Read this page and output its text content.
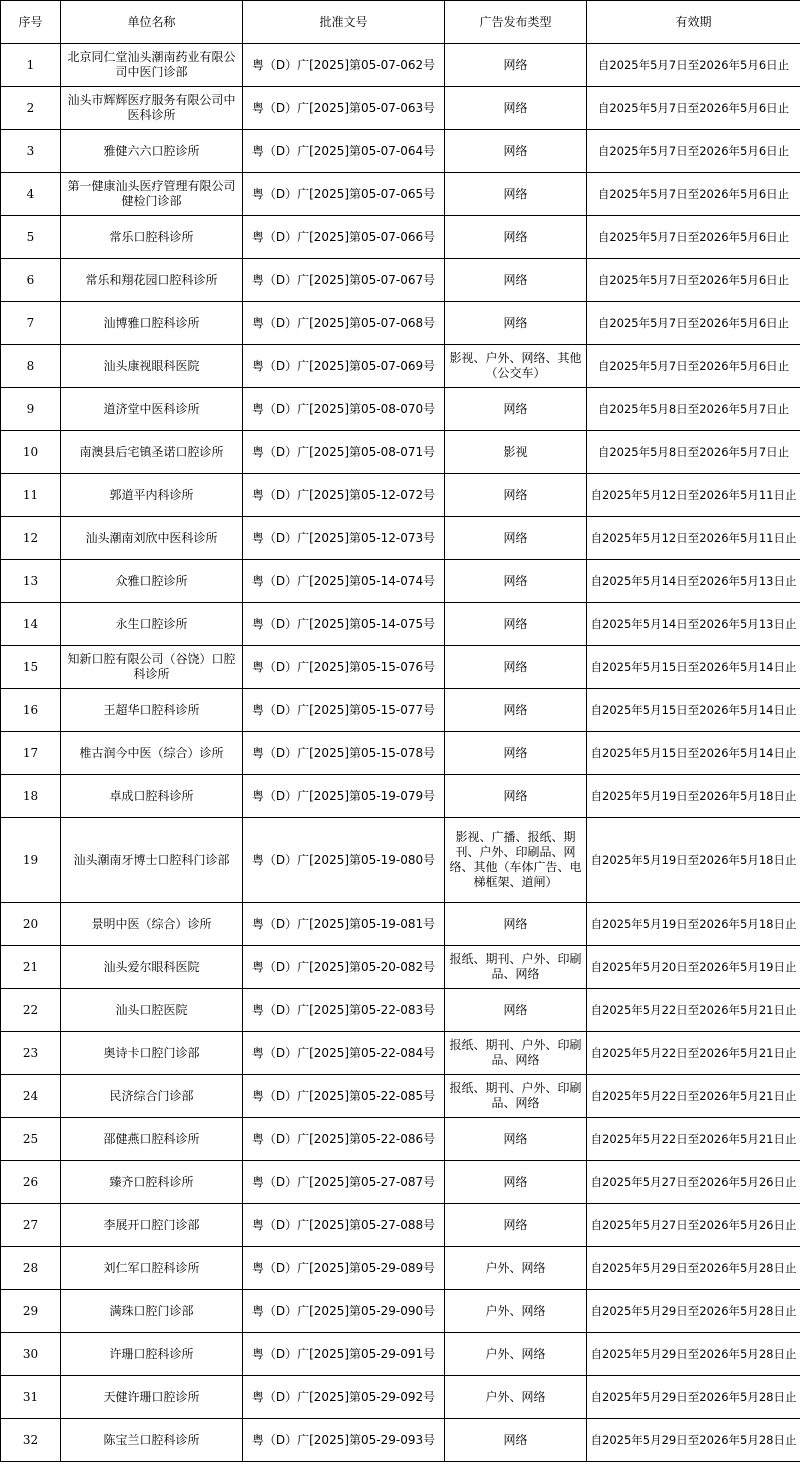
序号	单位名称	批准文号	广告发布类型	有效期
1	北京同仁堂汕头潮南药业有限公司中医门诊部	粤（D）广[2025]第05-07-062号	网络	自2025年5月7日至2026年5月6日止
2	汕头市辉辉医疗服务有限公司中医科诊所	粤（D）广[2025]第05-07-063号	网络	自2025年5月7日至2026年5月6日止
3	雅健六六口腔诊所	粤（D）广[2025]第05-07-064号	网络	自2025年5月7日至2026年5月6日止
4	第一健康汕头医疗管理有限公司健检门诊部	粤（D）广[2025]第05-07-065号	网络	自2025年5月7日至2026年5月6日止
5	常乐口腔科诊所	粤（D）广[2025]第05-07-066号	网络	自2025年5月7日至2026年5月6日止
6	常乐和翔花园口腔科诊所	粤（D）广[2025]第05-07-067号	网络	自2025年5月7日至2026年5月6日止
7	汕博雅口腔科诊所	粤（D）广[2025]第05-07-068号	网络	自2025年5月7日至2026年5月6日止
8	汕头康视眼科医院	粤（D）广[2025]第05-07-069号	影视、户外、网络、其他（公交车）	自2025年5月7日至2026年5月6日止
9	道济堂中医科诊所	粤（D）广[2025]第05-08-070号	网络	自2025年5月8日至2026年5月7日止
10	南澳县后宅镇圣诺口腔诊所	粤（D）广[2025]第05-08-071号	影视	自2025年5月8日至2026年5月7日止
11	郭道平内科诊所	粤（D）广[2025]第05-12-072号	网络	自2025年5月12日至2026年5月11日止
12	汕头潮南刘欣中医科诊所	粤（D）广[2025]第05-12-073号	网络	自2025年5月12日至2026年5月11日止
13	众雅口腔诊所	粤（D）广[2025]第05-14-074号	网络	自2025年5月14日至2026年5月13日止
14	永生口腔诊所	粤（D）广[2025]第05-14-075号	网络	自2025年5月14日至2026年5月13日止
15	知新口腔有限公司（谷饶）口腔科诊所	粤（D）广[2025]第05-15-076号	网络	自2025年5月15日至2026年5月14日止
16	王超华口腔科诊所	粤（D）广[2025]第05-15-077号	网络	自2025年5月15日至2026年5月14日止
17	椎古润今中医（综合）诊所	粤（D）广[2025]第05-15-078号	网络	自2025年5月15日至2026年5月14日止
18	卓成口腔科诊所	粤（D）广[2025]第05-19-079号	网络	自2025年5月19日至2026年5月18日止
19	汕头潮南牙博士口腔科门诊部	粤（D）广[2025]第05-19-080号	影视、广播、报纸、期刊、户外、印刷品、网络、其他（车体广告、电梯框架、道闸）	自2025年5月19日至2026年5月18日止
20	景明中医（综合）诊所	粤（D）广[2025]第05-19-081号	网络	自2025年5月19日至2026年5月18日止
21	汕头爱尔眼科医院	粤（D）广[2025]第05-20-082号	报纸、期刊、户外、印刷品、网络	自2025年5月20日至2026年5月19日止
22	汕头口腔医院	粤（D）广[2025]第05-22-083号	网络	自2025年5月22日至2026年5月21日止
23	奥诗卡口腔门诊部	粤（D）广[2025]第05-22-084号	报纸、期刊、户外、印刷品、网络	自2025年5月22日至2026年5月21日止
24	民济综合门诊部	粤（D）广[2025]第05-22-085号	报纸、期刊、户外、印刷品、网络	自2025年5月22日至2026年5月21日止
25	邵健燕口腔科诊所	粤（D）广[2025]第05-22-086号	网络	自2025年5月22日至2026年5月21日止
26	臻齐口腔科诊所	粤（D）广[2025]第05-27-087号	网络	自2025年5月27日至2026年5月26日止
27	李展开口腔门诊部	粤（D）广[2025]第05-27-088号	网络	自2025年5月27日至2026年5月26日止
28	刘仁军口腔科诊所	粤（D）广[2025]第05-29-089号	户外、网络	自2025年5月29日至2026年5月28日止
29	满珠口腔门诊部	粤（D）广[2025]第05-29-090号	户外、网络	自2025年5月29日至2026年5月28日止
30	许珊口腔科诊所	粤（D）广[2025]第05-29-091号	户外、网络	自2025年5月29日至2026年5月28日止
31	天健许珊口腔诊所	粤（D）广[2025]第05-29-092号	户外、网络	自2025年5月29日至2026年5月28日止
32	陈宝兰口腔科诊所	粤（D）广[2025]第05-29-093号	网络	自2025年5月29日至2026年5月28日止
